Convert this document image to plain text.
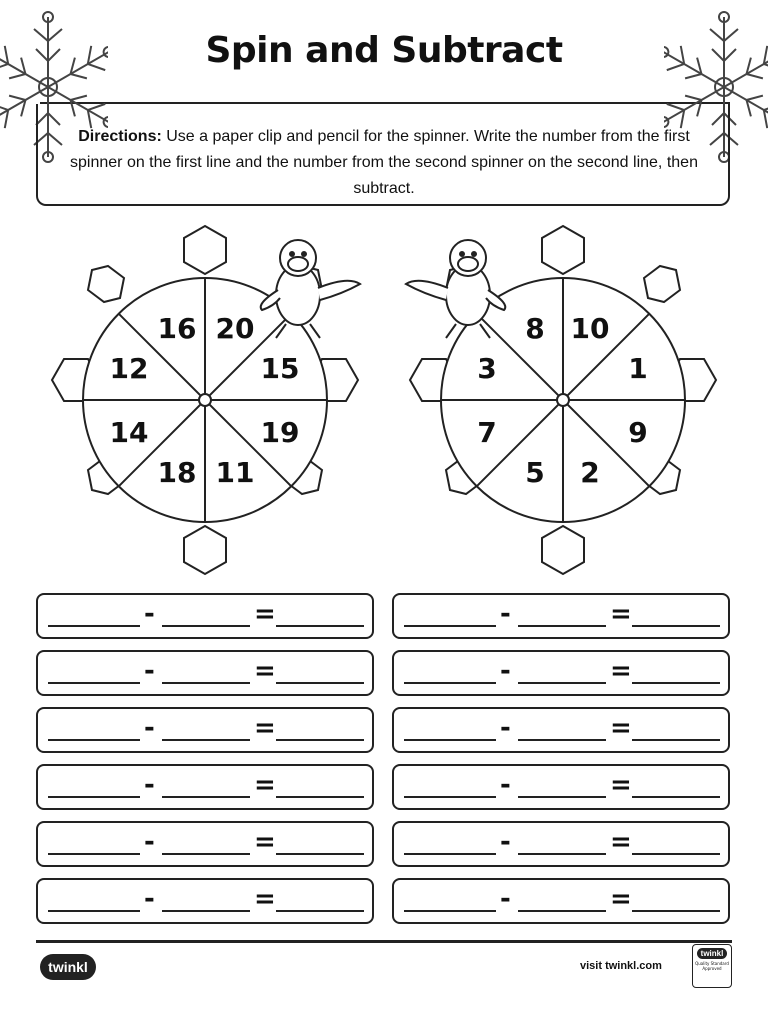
Spin and Subtract
Directions: Use a paper clip and pencil for the spinner. Write the number from the first spinner on the first line and the number from the second spinner on the second line, then subtract.
16 20
15
19
11
18
14
12
8 10
1
9
2
5
7
3
-	=	-	=
-	=	-	=
-	=	-	=
-	=	-	=
-	=	-	=
-	=	-	=
twinkl	visit twinkl.com
twinkl
Quality Standard Approved
